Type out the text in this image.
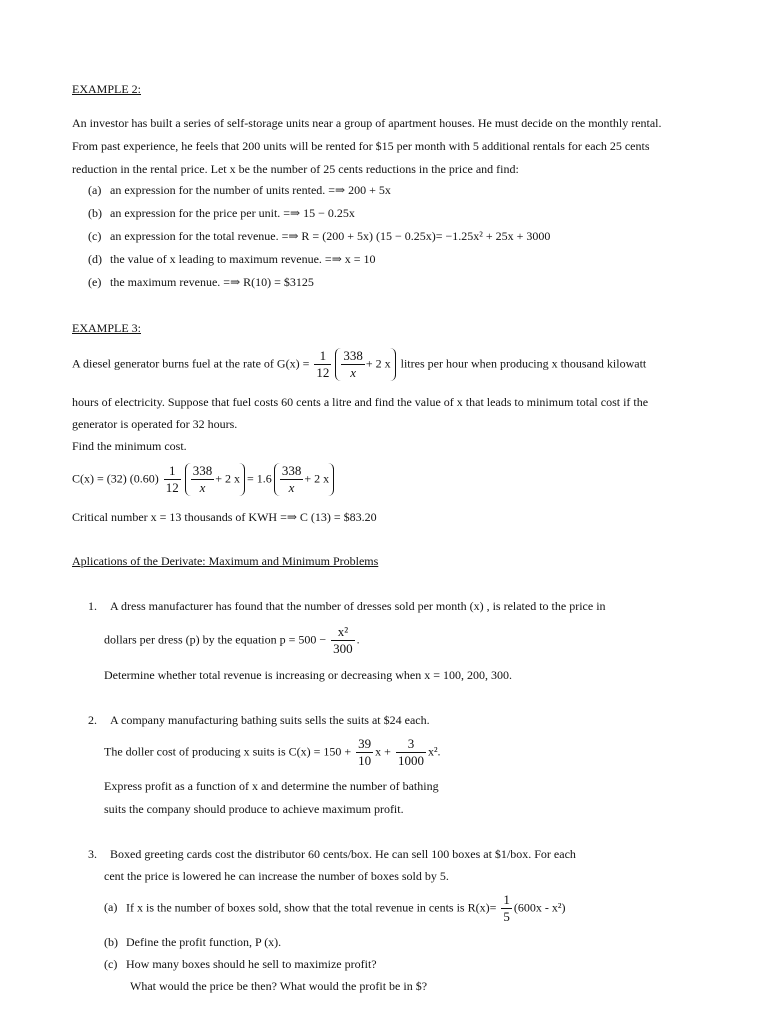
EXAMPLE 2:
An investor has built a series of self-storage units near a group of apartment houses. He must decide on the monthly rental.
From past experience, he feels that 200 units will be rented for $15 per month with 5 additional rentals for each 25 cents
reduction in the rental price. Let x be the number of 25 cents reductions in the price and find:
(a) an expression for the number of units rented. =⇒ 200 + 5x
(b) an expression for the price per unit. =⇒ 15 − 0.25x
(c) an expression for the total revenue. =⇒ R = (200 + 5x) (15 − 0.25x)= −1.25x² + 25x + 3000
(d) the value of x leading to maximum revenue. =⇒ x = 10
(e) the maximum revenue. =⇒ R(10) = $3125
EXAMPLE 3:
A diesel generator burns fuel at the rate of $G(x) = \frac{1}{12} \frac{338}{x} + 2$ x litres per hour when producing x thousand kilowatt
hours of electricity. Suppose that fuel costs 60 cents a litre and find the value of x that leads to minimum total cost if the
generator is operated for 32 hours.
Find the minimum cost.
C(x) = (32) $(0.60) \frac{1}{12} \frac{338}{x} + 2$ $x = 1.6 \frac{338}{x} + 2$ x
Critical number x = 13 thousands of KWH =⇒ C (13) = $83.20
Aplications of the Derivate: Maximum and Minimum Problems
1. A dress manufacturer has found that the number of dresses sold per month (x) , is related to the price in
dollars per dress (p) by the equation $p = 500 - \frac{\text{x²}}{300}$ .
Determine whether total revenue is increasing or decreasing when x = 100, 200, 300.
2. A company manufacturing bathing suits sells the suits at $24 each.
The doller cost of producing x suits is $C(x) = 150 + \frac{39}{10}$ $x + \frac{3}{1000} x^2$.
Express profit as a function of x and determine the number of bathing
suits the company should produce to achieve maximum profit.
3. Boxed greeting cards cost the distributor 60 cents/box. He can sell 100 boxes at $1/box. For each
cent the price is lowered he can increase the number of boxes sold by 5.
(a) If x is the number of boxes sold, show that the total revenue in cents is $R(x)= \frac{1}{5} (600x - x^2)$
(b) Define the profit function, P (x).
(c) How many boxes should he sell to maximize profit?
What would the price be then? What would the profit be in $?
